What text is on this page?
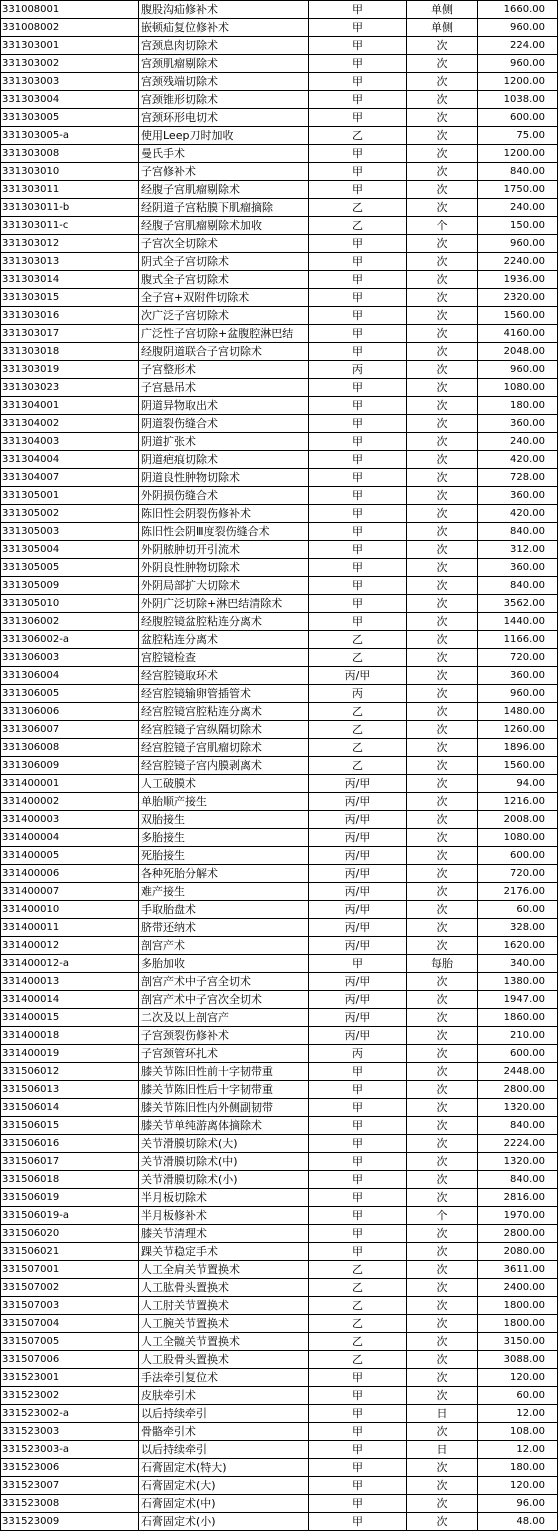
331008001	腹股沟疝修补术	甲	单侧	1660.00
331008002	嵌顿疝复位修补术	甲	单侧	960.00
331303001	宫颈息肉切除术	甲	次	224.00
331303002	宫颈肌瘤剔除术	甲	次	960.00
331303003	宫颈残端切除术	甲	次	1200.00
331303004	宫颈锥形切除术	甲	次	1038.00
331303005	宫颈环形电切术	甲	次	600.00
331303005-a	使用Leep刀时加收	乙	次	75.00
331303008	曼氏手术	甲	次	1200.00
331303010	子宫修补术	甲	次	840.00
331303011	经腹子宫肌瘤剔除术	甲	次	1750.00
331303011-b	经阴道子宫粘膜下肌瘤摘除	乙	次	240.00
331303011-c	经腹子宫肌瘤剔除术加收	乙	个	150.00
331303012	子宫次全切除术	甲	次	960.00
331303013	阴式全子宫切除术	甲	次	2240.00
331303014	腹式全子宫切除术	甲	次	1936.00
331303015	全子宫+双附件切除术	甲	次	2320.00
331303016	次广泛子宫切除术	甲	次	1560.00
331303017	广泛性子宫切除+盆腹腔淋巴结	甲	次	4160.00
331303018	经腹阴道联合子宫切除术	甲	次	2048.00
331303019	子宫整形术	丙	次	960.00
331303023	子宫悬吊术	甲	次	1080.00
331304001	阴道异物取出术	甲	次	180.00
331304002	阴道裂伤缝合术	甲	次	360.00
331304003	阴道扩张术	甲	次	240.00
331304004	阴道疤痕切除术	甲	次	420.00
331304007	阴道良性肿物切除术	甲	次	728.00
331305001	外阴损伤缝合术	甲	次	360.00
331305002	陈旧性会阴裂伤修补术	甲	次	420.00
331305003	陈旧性会阴Ⅲ度裂伤缝合术	甲	次	840.00
331305004	外阴脓肿切开引流术	甲	次	312.00
331305005	外阴良性肿物切除术	甲	次	360.00
331305009	外阴局部扩大切除术	甲	次	840.00
331305010	外阴广泛切除+淋巴结清除术	甲	次	3562.00
331306002	经腹腔镜盆腔粘连分离术	甲	次	1440.00
331306002-a	盆腔粘连分离术	乙	次	1166.00
331306003	宫腔镜检查	乙	次	720.00
331306004	经宫腔镜取环术	丙/甲	次	360.00
331306005	经宫腔镜输卵管插管术	丙	次	960.00
331306006	经宫腔镜宫腔粘连分离术	乙	次	1480.00
331306007	经宫腔镜子宫纵隔切除术	乙	次	1260.00
331306008	经宫腔镜子宫肌瘤切除术	乙	次	1896.00
331306009	经宫腔镜子宫内膜剥离术	乙	次	1560.00
331400001	人工破膜术	丙/甲	次	94.00
331400002	单胎顺产接生	丙/甲	次	1216.00
331400003	双胎接生	丙/甲	次	2008.00
331400004	多胎接生	丙/甲	次	1080.00
331400005	死胎接生	丙/甲	次	600.00
331400006	各种死胎分解术	丙/甲	次	720.00
331400007	难产接生	丙/甲	次	2176.00
331400010	手取胎盘术	丙/甲	次	60.00
331400011	脐带还纳术	丙/甲	次	328.00
331400012	剖宫产术	丙/甲	次	1620.00
331400012-a	多胎加收	甲	每胎	340.00
331400013	剖宫产术中子宫全切术	丙/甲	次	1380.00
331400014	剖宫产术中子宫次全切术	丙/甲	次	1947.00
331400015	二次及以上剖宫产	丙/甲	次	1860.00
331400018	子宫颈裂伤修补术	丙/甲	次	210.00
331400019	子宫颈管环扎术	丙	次	600.00
331506012	膝关节陈旧性前十字韧带重	甲	次	2448.00
331506013	膝关节陈旧性后十字韧带重	甲	次	2800.00
331506014	膝关节陈旧性内外侧副韧带	甲	次	1320.00
331506015	膝关节单纯游离体摘除术	甲	次	840.00
331506016	关节滑膜切除术(大)	甲	次	2224.00
331506017	关节滑膜切除术(中)	甲	次	1320.00
331506018	关节滑膜切除术(小)	甲	次	840.00
331506019	半月板切除术	甲	次	2816.00
331506019-a	半月板修补术	甲	个	1970.00
331506020	膝关节清理术	甲	次	2800.00
331506021	踝关节稳定手术	甲	次	2080.00
331507001	人工全肩关节置换术	乙	次	3611.00
331507002	人工肱骨头置换术	乙	次	2400.00
331507003	人工肘关节置换术	乙	次	1800.00
331507004	人工腕关节置换术	乙	次	1800.00
331507005	人工全髋关节置换术	乙	次	3150.00
331507006	人工股骨头置换术	乙	次	3088.00
331523001	手法牵引复位术	甲	次	120.00
331523002	皮肤牵引术	甲	次	60.00
331523002-a	以后持续牵引	甲	日	12.00
331523003	骨骼牵引术	甲	次	108.00
331523003-a	以后持续牵引	甲	日	12.00
331523006	石膏固定术(特大)	甲	次	180.00
331523007	石膏固定术(大)	甲	次	120.00
331523008	石膏固定术(中)	甲	次	96.00
331523009	石膏固定术(小)	甲	次	48.00
